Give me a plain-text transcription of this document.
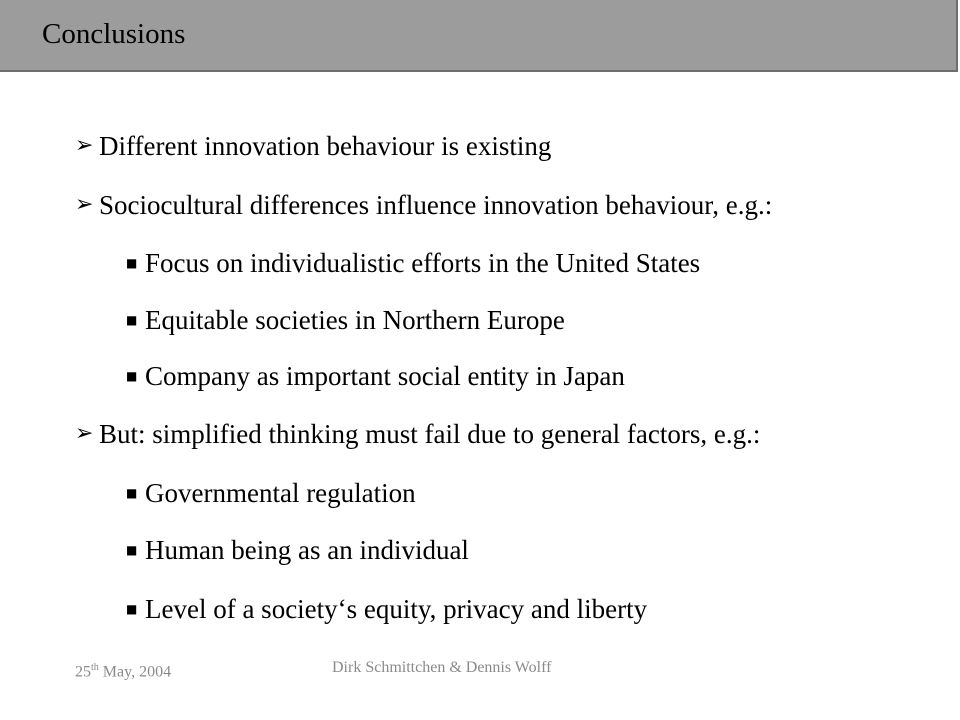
Conclusions
➢ Different innovation behaviour is existing
➢ Sociocultural differences influence innovation behaviour, e.g.:
■ Focus on individualistic efforts in the United States
■ Equitable societies in Northern Europe
■ Company as important social entity in Japan
➢ But: simplified thinking must fail due to general factors, e.g.:
■ Governmental regulation
■ Human being as an individual
■ Level of a society‘s equity, privacy and liberty
25th May, 2004	Dirk Schmittchen & Dennis Wolff
